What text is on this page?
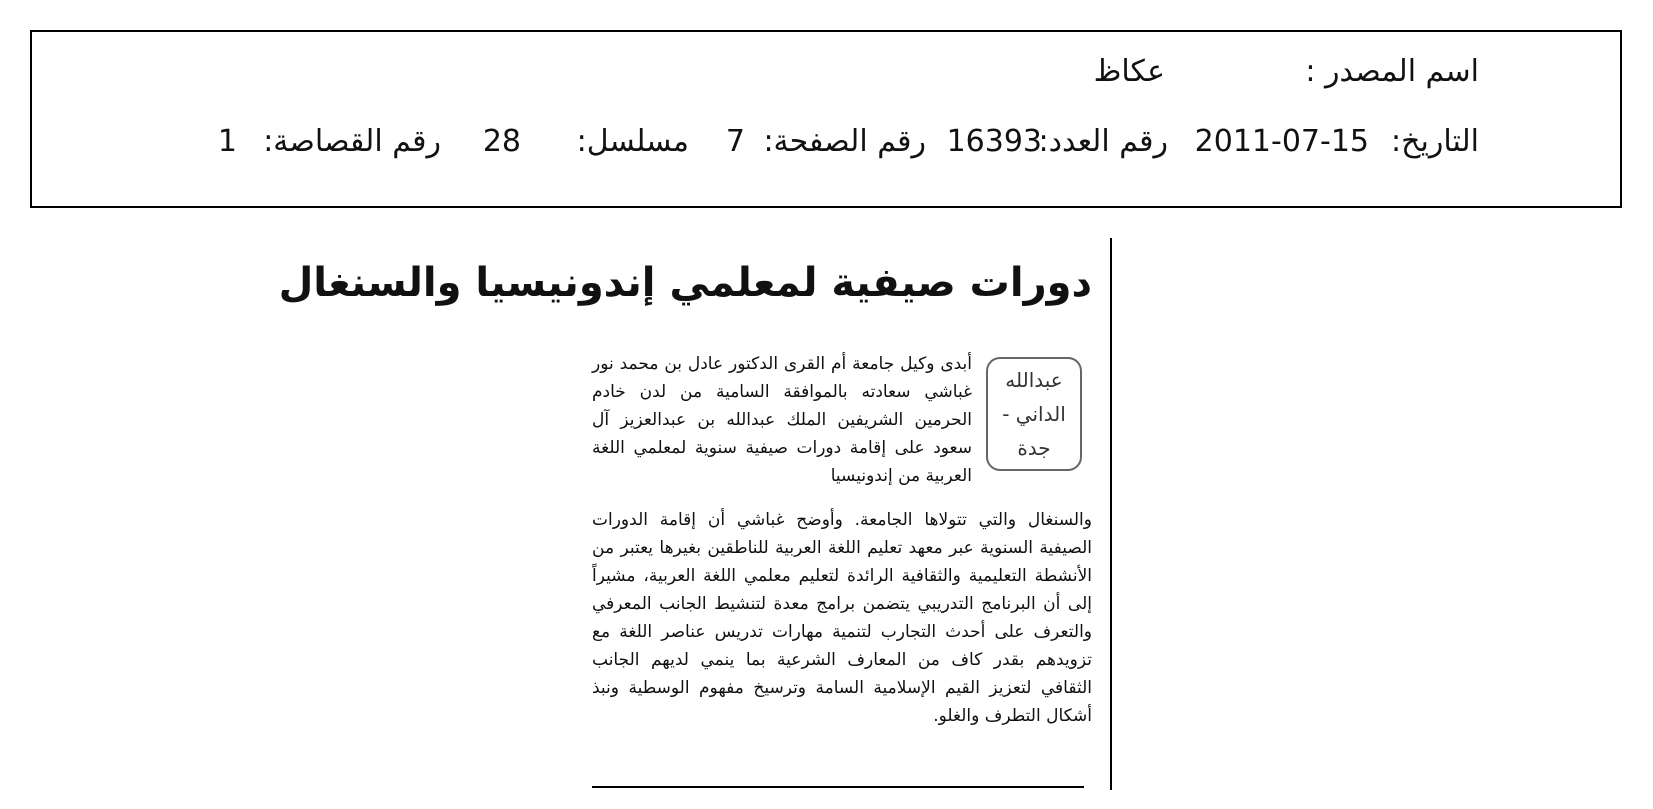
اسم المصدر :
عكاظ
التاريخ:
2011-07-15
رقم العدد:
16393
رقم الصفحة:
7
مسلسل:
28
رقم القصاصة:
1
دورات صيفية لمعلمي إندونيسيا والسنغال
عبدالله
الداني -
جدة
أبدى وكيل جامعة أم القرى الدكتور عادل بن محمد نور غباشي سعادته بالموافقة السامية من لدن خادم الحرمين الشريفين الملك عبدالله بن عبدالعزيز آل سعود على إقامة دورات صيفية سنوية لمعلمي اللغة العربية من إندونيسيا
والسنغال والتي تتولاها الجامعة. وأوضح غباشي أن إقامة الدورات الصيفية السنوية عبر معهد تعليم اللغة العربية للناطقين بغيرها يعتبر من الأنشطة التعليمية والثقافية الرائدة لتعليم معلمي اللغة العربية، مشيراً إلى أن البرنامج التدريبي يتضمن برامج معدة لتنشيط الجانب المعرفي والتعرف على أحدث التجارب لتنمية مهارات تدريس عناصر اللغة مع تزويدهم بقدر كاف من المعارف الشرعية بما ينمي لديهم الجانب الثقافي لتعزيز القيم الإسلامية السامة وترسيخ مفهوم الوسطية ونبذ أشكال التطرف والغلو.
